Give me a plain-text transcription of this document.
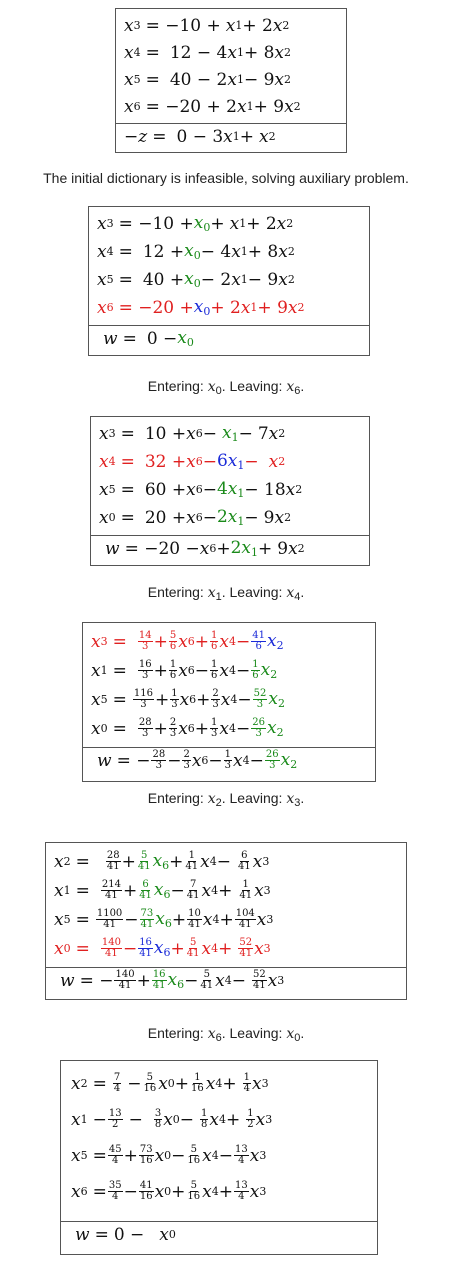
x 3 = −10 + x 1 + 2 x 2
x 4 =
12 − 4 x 1 + 8 x 2
x 5 =
40 − 2 x 1 − 9 x 2
x 6 = −20 + 2 x 1 + 9 x 2
− z =
0 − 3 x 1 + x 2
The initial dictionary is infeasible, solving auxiliary problem.
x $3 = -10 + x_0 + x$ 1 + 2 x 2
x 4 =
$12 + x_0 - 4$ x 1 + 8 x 2
x 5 =
$40 + x_0 - 2$ x 1 − 9 x 2
x $6 = -20 + x_0 + 2$ x 1 + 9 x 2
w =
$0 - x_0$
Entering: $x_0$. Leaving: $x_6$.
x 3 =
10 + x $6 - x_1$ −
7 x 2
x 4 =
32 + x $6 - 6x_1 - x$ 2
x 5 =
60 + x $6 - 4x_1 - 18$ x 2
x 0 =
20 + x $6 - 2x_1$ −
9 x 2
w = −20 − x $6 + 2x_1$ +
9 x 2
Entering: $x_1$. Leaving: $x_4$.
x $3 = \frac{14}{3} + \frac{5}{6}$ x $6 + \frac{1}{6}$ x $4 - \frac{41}{6} x_2$
x $1 = \frac{16}{3} + \frac{1}{6}$ x $6 - \frac{1}{6}$ x $4 - \frac{1}{6} x_2$
x $5 = \frac{116}{3} + \frac{1}{3}$ x $6 + \frac{2}{3}$ x $4 - \frac{52}{3} x_2$
x $0 = \frac{28}{3} + \frac{2}{3}$ x $6 + \frac{1}{3}$ x $4 - \frac{26}{3} x_2$
w = − $\frac{28}{3} - \frac{2}{3}$ x $6 - \frac{1}{3}$ x $4 - \frac{26}{3} x_2$
Entering: $x_2$. Leaving: $x_3$.
x $2 = \frac{28}{41} + \frac{5}{41} x_6 + \frac{1}{41}$ x $4 - \frac{6}{41}$ x 3
x $1 = \frac{214}{41} + \frac{6}{41} x_6 - \frac{7}{41}$ x $4 + \frac{1}{41}$ x 3
x $5 = \frac{1100}{41} - \frac{73}{41} x_6 + \frac{10}{41}$ x $4 + \frac{104}{41}$ x 3
x $0 = \frac{140}{41} - \frac{16}{41} x_6 + \frac{5}{41}$ x $4 + \frac{52}{41}$ x 3
w = − $\frac{140}{41} + \frac{16}{41} x_6 - \frac{5}{41}$ x $4 - \frac{52}{41}$ x 3
Entering: $x_6$. Leaving: $x_0$.
x $2 = \frac{7}{4} - \frac{5}{16}$ x $0 + \frac{1}{16}$ x $4 + \frac{1}{4}$ x 3
x $1 - \frac{13}{2} - \frac{3}{8}$ x $0 - \frac{1}{8}$ x $4 + \frac{1}{2}$ x 3
x $5 = \frac{45}{4} + \frac{73}{16}$ x $0 - \frac{5}{16}$ x $4 - \frac{13}{4}$ x 3
x $6 = \frac{35}{4} - \frac{41}{16}$ x $0 + \frac{5}{16}$ x $4 + \frac{13}{4}$ x 3
w =
0 − x 0
